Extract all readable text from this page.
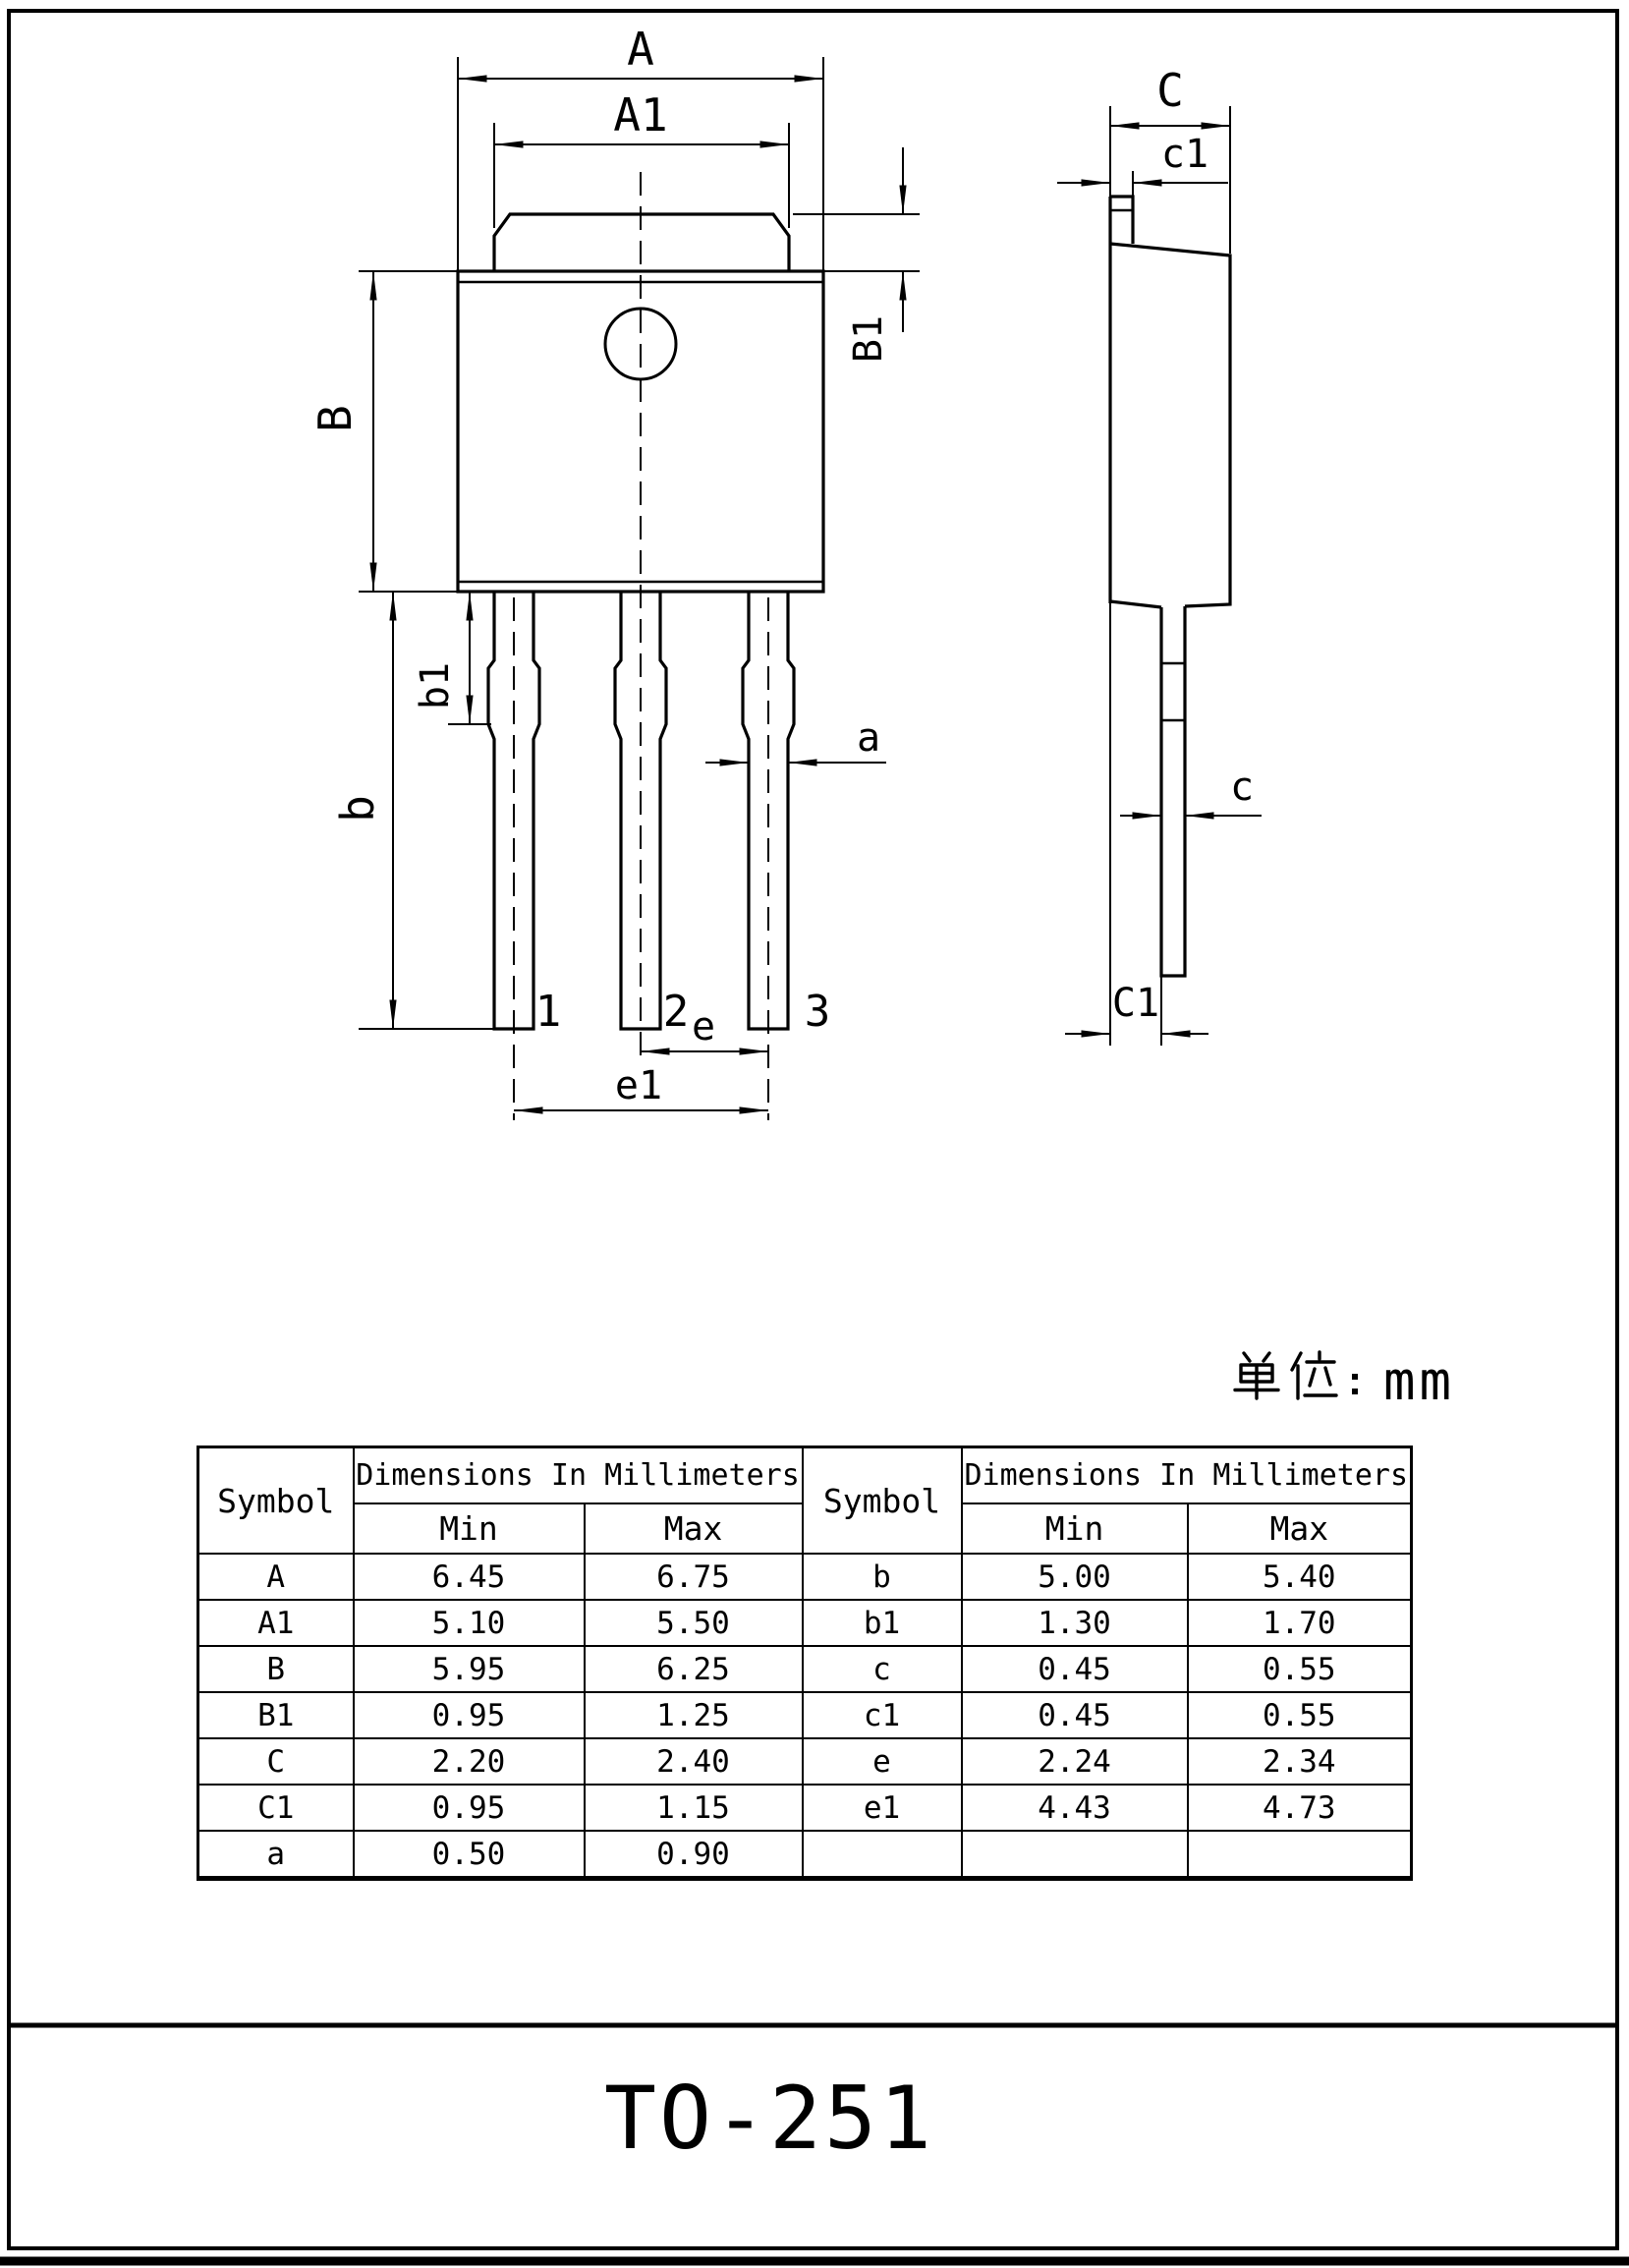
A
A1
B1
B
b
b1
a
e
e1
1 2	3
C
c1
c
C1
mm
TO-251
Symbol	Dimensions In Millimeters		Symbol	Dimensions In Millimeters	
	Min	Max		Min	Max
A	6.45	6.75	b	5.00	5.40
A1	5.10	5.50	b1	1.30	1.70
B	5.95	6.25	c	0.45	0.55
B1	0.95	1.25	c1	0.45	0.55
C	2.20	2.40	e	2.24	2.34
C1	0.95	1.15	e1	4.43	4.73
a	0.50	0.90			
